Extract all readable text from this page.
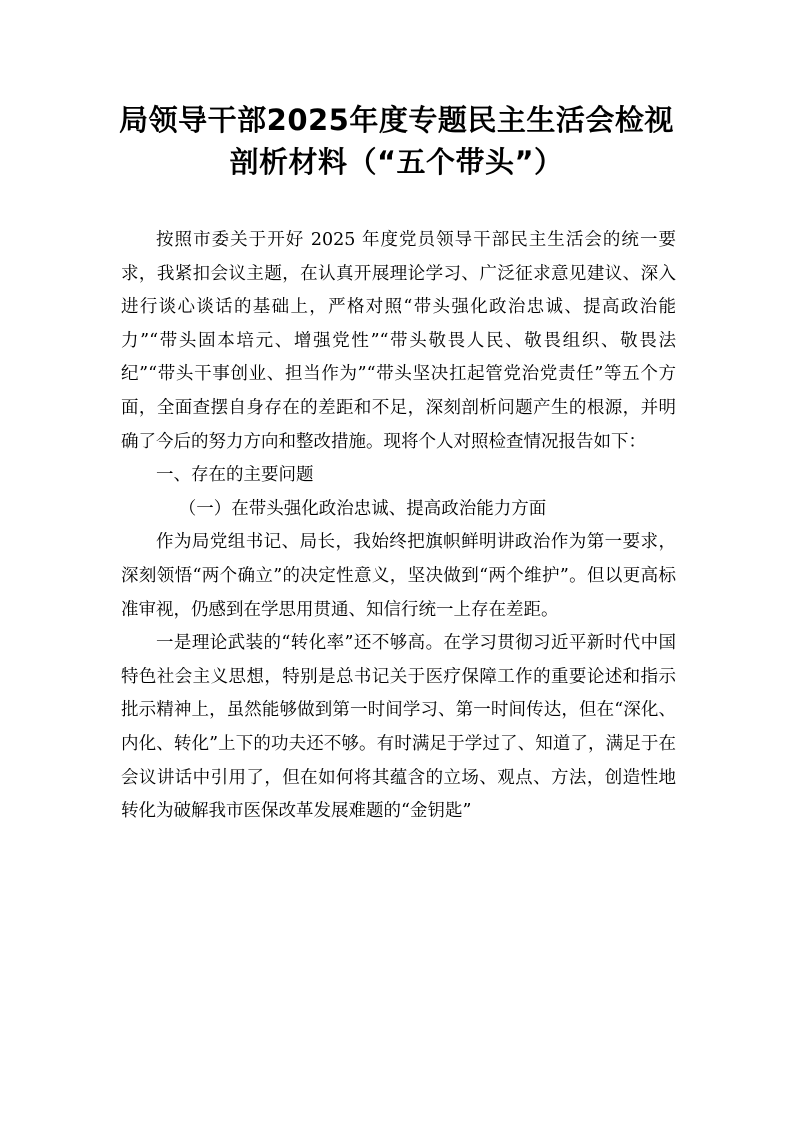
局领导干部2025年度专题民主生活会检视
剖析材料（“五个带头”）

按照市委关于开好 2025 年度党员领导干部民主生活会的统一要求，我紧扣会议主题，在认真开展理论学习、广泛征求意见建议、深入进行谈心谈话的基础上，严格对照“带头强化政治忠诚、提高政治能力”“带头固本培元、增强党性”“带头敬畏人民、敬畏组织、敬畏法纪”“带头干事创业、担当作为”“带头坚决扛起管党治党责任”等五个方面，全面查摆自身存在的差距和不足，深刻剖析问题产生的根源，并明确了今后的努力方向和整改措施。现将个人对照检查情况报告如下：

一、存在的主要问题

（一）在带头强化政治忠诚、提高政治能力方面

作为局党组书记、局长，我始终把旗帜鲜明讲政治作为第一要求，深刻领悟“两个确立”的决定性意义，坚决做到“两个维护”。但以更高标准审视，仍感到在学思用贯通、知信行统一上存在差距。

一是理论武装的“转化率”还不够高。在学习贯彻习近平新时代中国特色社会主义思想，特别是总书记关于医疗保障工作的重要论述和指示批示精神上，虽然能够做到第一时间学习、第一时间传达，但在“深化、内化、转化”上下的功夫还不够。有时满足于学过了、知道了，满足于在会议讲话中引用了，但在如何将其蕴含的立场、观点、方法，创造性地转化为破解我市医保改革发展难题的“金钥匙”
